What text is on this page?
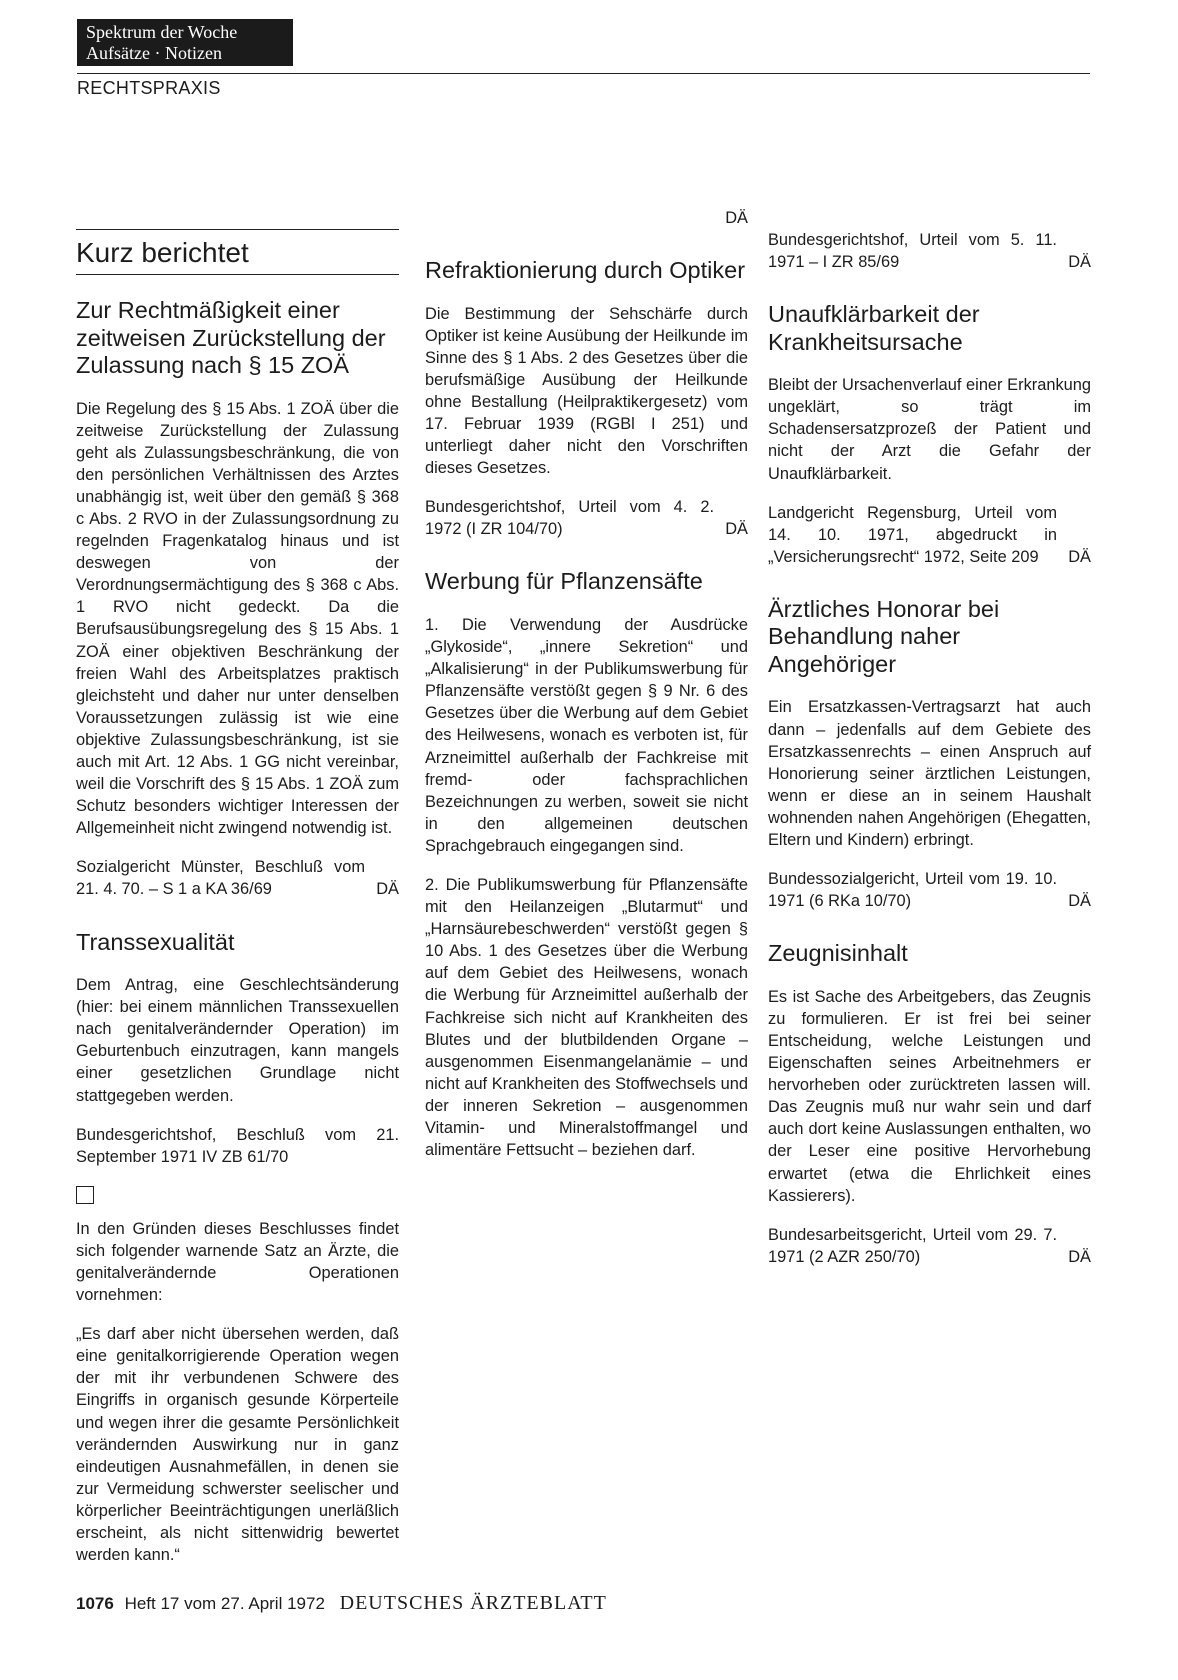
Spektrum der Woche
Aufsätze · Notizen
RECHTSPRAXIS
Kurz berichtet
Zur Rechtmäßigkeit einer zeitweisen Zurückstellung der Zulassung nach § 15 ZOÄ

Die Regelung des § 15 Abs. 1 ZOÄ über die zeitweise Zurückstellung der Zulassung geht als Zulassungsbeschränkung, die von den persönlichen Verhältnissen des Arztes unabhängig ist, weit über den gemäß § 368 c Abs. 2 RVO in der Zulassungsordnung zu regelnden Fragenkatalog hinaus und ist deswegen von der Verordnungsermächtigung des § 368 c Abs. 1 RVO nicht gedeckt. Da die Berufsausübungsregelung des § 15 Abs. 1 ZOÄ einer objektiven Beschränkung der freien Wahl des Arbeitsplatzes praktisch gleichsteht und daher nur unter denselben Voraussetzungen zulässig ist wie eine objektive Zulassungsbeschränkung, ist sie auch mit Art. 12 Abs. 1 GG nicht vereinbar, weil die Vorschrift des § 15 Abs. 1 ZOÄ zum Schutz besonders wichtiger Interessen der Allgemeinheit nicht zwingend notwendig ist.

Sozialgericht Münster, Beschluß vom 21. 4. 70. – S 1 a KA 36/69	DÄ

Transsexualität

Dem Antrag, eine Geschlechtsänderung (hier: bei einem männlichen Transsexuellen nach genitalverändernder Operation) im Geburtenbuch einzutragen, kann mangels einer gesetzlichen Grundlage nicht stattgegeben werden.

Bundesgerichtshof, Beschluß vom 21. September 1971 IV ZB 61/70

In den Gründen dieses Beschlusses findet sich folgender warnende Satz an Ärzte, die genitalverändernde Operationen vornehmen:

„Es darf aber nicht übersehen werden, daß eine genitalkorrigierende Operation wegen der mit ihr verbundenen Schwere des Eingriffs in organisch gesunde Körperteile und wegen ihrer die gesamte Persönlichkeit verändernden Auswirkung nur in ganz eindeutigen Ausnahmefällen, in denen sie zur Vermeidung schwerster seelischer und körperlicher Beeinträchtigungen unerläßlich erscheint, als nicht sittenwidrig bewertet werden kann.“

DÄ

Refraktionierung durch Optiker

Die Bestimmung der Sehschärfe durch Optiker ist keine Ausübung der Heilkunde im Sinne des § 1 Abs. 2 des Gesetzes über die berufsmäßige Ausübung der Heilkunde ohne Bestallung (Heilpraktikergesetz) vom 17. Februar 1939 (RGBl I 251) und unterliegt daher nicht den Vorschriften dieses Gesetzes.

Bundesgerichtshof, Urteil vom 4. 2. 1972 (I ZR 104/70)	DÄ

Werbung für Pflanzensäfte

1. Die Verwendung der Ausdrücke „Glykoside“, „innere Sekretion“ und „Alkalisierung“ in der Publikumswerbung für Pflanzensäfte verstößt gegen § 9 Nr. 6 des Gesetzes über die Werbung auf dem Gebiet des Heilwesens, wonach es verboten ist, für Arzneimittel außerhalb der Fachkreise mit fremd- oder fachsprachlichen Bezeichnungen zu werben, soweit sie nicht in den allgemeinen deutschen Sprachgebrauch eingegangen sind.

2. Die Publikumswerbung für Pflanzensäfte mit den Heilanzeigen „Blutarmut“ und „Harnsäurebeschwerden“ verstößt gegen § 10 Abs. 1 des Gesetzes über die Werbung auf dem Gebiet des Heilwesens, wonach die Werbung für Arzneimittel außerhalb der Fachkreise sich nicht auf Krankheiten des Blutes und der blutbildenden Organe – ausgenommen Eisenmangelanämie – und nicht auf Krankheiten des Stoffwechsels und der inneren Sekretion – ausgenommen Vitamin- und Mineralstoffmangel und alimentäre Fettsucht – beziehen darf.

Bundesgerichtshof, Urteil vom 5. 11. 1971 – I ZR 85/69	DÄ

Unaufklärbarkeit der Krankheitsursache

Bleibt der Ursachenverlauf einer Erkrankung ungeklärt, so trägt im Schadensersatzprozeß der Patient und nicht der Arzt die Gefahr der Unaufklärbarkeit.

Landgericht Regensburg, Urteil vom 14. 10. 1971, abgedruckt in „Versicherungsrecht“ 1972, Seite 209 DÄ

Ärztliches Honorar bei Behandlung naher Angehöriger

Ein Ersatzkassen-Vertragsarzt hat auch dann – jedenfalls auf dem Gebiete des Ersatzkassenrechts – einen Anspruch auf Honorierung seiner ärztlichen Leistungen, wenn er diese an in seinem Haushalt wohnenden nahen Angehörigen (Ehegatten, Eltern und Kindern) erbringt.

Bundessozialgericht, Urteil vom 19. 10. 1971 (6 RKa 10/70)	DÄ

Zeugnisinhalt

Es ist Sache des Arbeitgebers, das Zeugnis zu formulieren. Er ist frei bei seiner Entscheidung, welche Leistungen und Eigenschaften seines Arbeitnehmers er hervorheben oder zurücktreten lassen will. Das Zeugnis muß nur wahr sein und darf auch dort keine Auslassungen enthalten, wo der Leser eine positive Hervorhebung erwartet (etwa die Ehrlichkeit eines Kassierers).

Bundesarbeitsgericht, Urteil vom 29. 7. 1971 (2 AZR 250/70)	DÄ

1076 Heft 17 vom 27. April 1972 DEUTSCHES ÄRZTEBLATT
